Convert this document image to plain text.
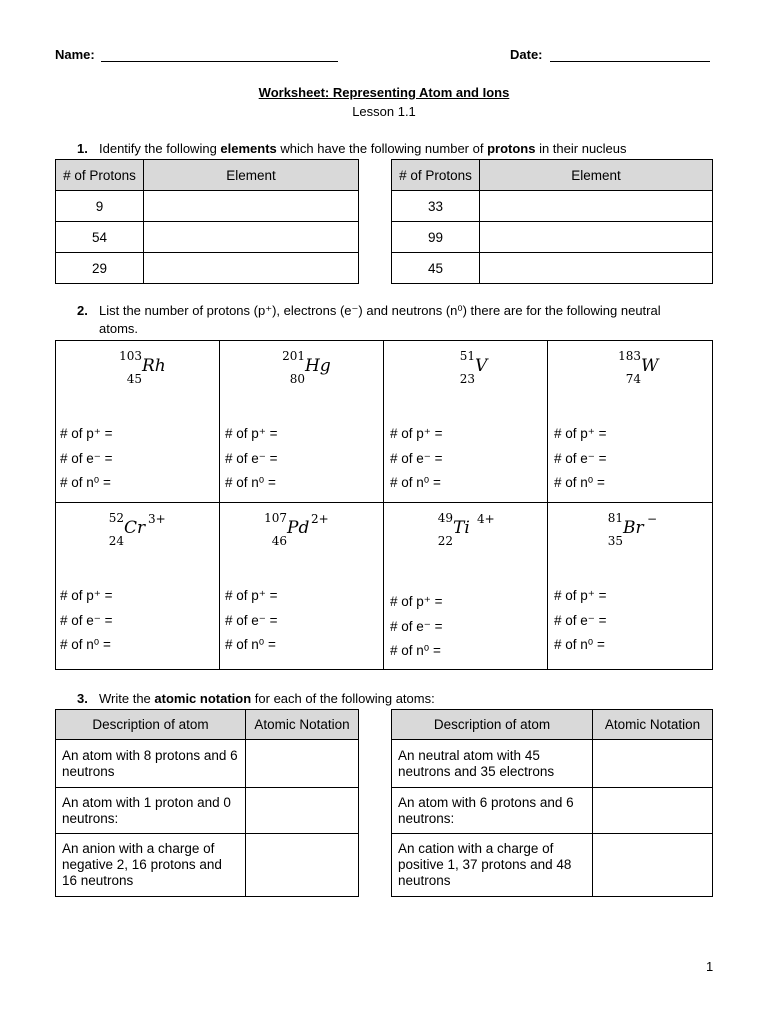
Name:	Date:
Worksheet: Representing Atom and Ions
Lesson 1.1
1. Identify the following elements which have the following number of protons in their nucleus
# of Protons	Element
9	
54	
29	
# of Protons	Element
33	
99	
45	
2. List the number of protons (p⁺), electrons (e⁻) and neutrons (n⁰) there are for the following neutral
atoms.
103
45
Rh
# of p⁺ =
# of e⁻ =
# of n⁰ =
201
80
Hg
# of p⁺ =
# of e⁻ =
# of n⁰ =
51
23
V
# of p⁺ =
# of e⁻ =
# of n⁰ =
183
74
W
# of p⁺ =
# of e⁻ =
# of n⁰ =
52
24
Cr 3+
# of p⁺ =
# of e⁻ =
# of n⁰ =
107
46
Pd 2+
# of p⁺ =
# of e⁻ =
# of n⁰ =
49
22
Ti 4+
# of p⁺ =
# of e⁻ =
# of n⁰ =
81
35
Br −
# of p⁺ =
# of e⁻ =
# of n⁰ =
3. Write the atomic notation for each of the following atoms:
Description of atom	Atomic Notation
An atom with 8 protons and 6 neutrons	
An atom with 1 proton and 0 neutrons:	
An anion with a charge of negative 2, 16 protons and 16 neutrons	
Description of atom	Atomic Notation
An neutral atom with 45 neutrons and 35 electrons	
An atom with 6 protons and 6 neutrons:	
An cation with a charge of positive 1, 37 protons and 48 neutrons	
1
